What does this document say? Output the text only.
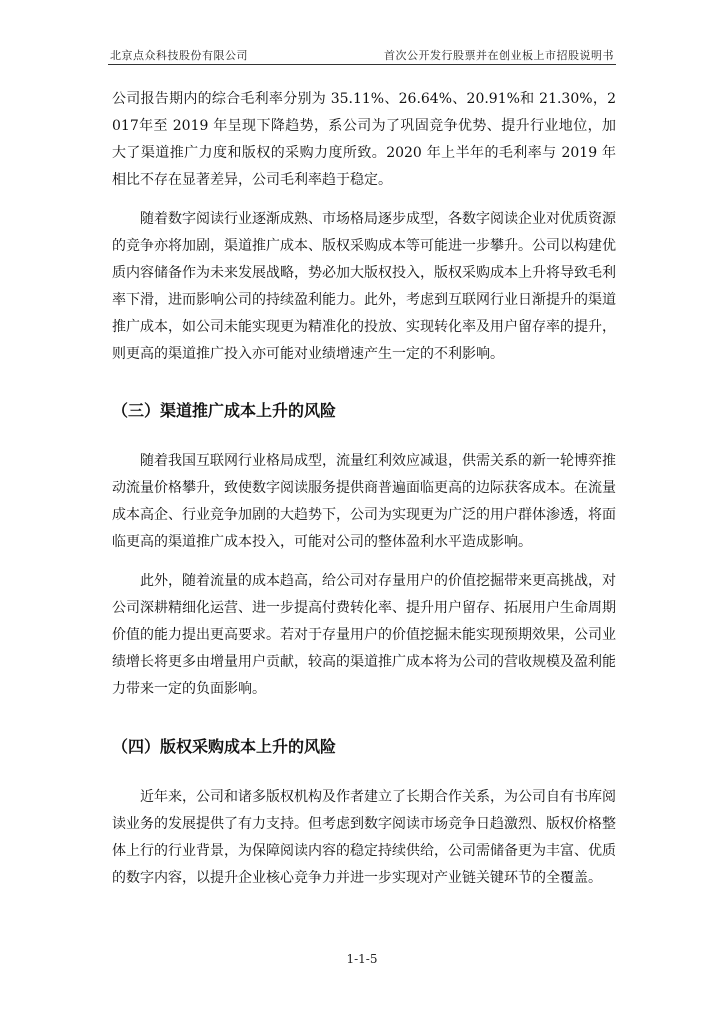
北京点众科技股份有限公司	首次公开发行股票并在创业板上市招股说明书

公司报告期内的综合毛利率分别为 35.11%、26.64%、20.91%和 21.30%，2017年至 2019 年呈现下降趋势，系公司为了巩固竞争优势、提升行业地位，加大了渠道推广力度和版权的采购力度所致。2020 年上半年的毛利率与 2019 年相比不存在显著差异，公司毛利率趋于稳定。

随着数字阅读行业逐渐成熟、市场格局逐步成型，各数字阅读企业对优质资源的竞争亦将加剧，渠道推广成本、版权采购成本等可能进一步攀升。公司以构建优质内容储备作为未来发展战略，势必加大版权投入，版权采购成本上升将导致毛利率下滑，进而影响公司的持续盈利能力。此外，考虑到互联网行业日渐提升的渠道推广成本，如公司未能实现更为精准化的投放、实现转化率及用户留存率的提升，则更高的渠道推广投入亦可能对业绩增速产生一定的不利影响。

（三）渠道推广成本上升的风险

随着我国互联网行业格局成型，流量红利效应减退，供需关系的新一轮博弈推动流量价格攀升，致使数字阅读服务提供商普遍面临更高的边际获客成本。在流量成本高企、行业竞争加剧的大趋势下，公司为实现更为广泛的用户群体渗透，将面临更高的渠道推广成本投入，可能对公司的整体盈利水平造成影响。

此外，随着流量的成本趋高，给公司对存量用户的价值挖掘带来更高挑战，对公司深耕精细化运营、进一步提高付费转化率、提升用户留存、拓展用户生命周期价值的能力提出更高要求。若对于存量用户的价值挖掘未能实现预期效果，公司业绩增长将更多由增量用户贡献，较高的渠道推广成本将为公司的营收规模及盈利能力带来一定的负面影响。

（四）版权采购成本上升的风险

近年来，公司和诸多版权机构及作者建立了长期合作关系，为公司自有书库阅读业务的发展提供了有力支持。但考虑到数字阅读市场竞争日趋激烈、版权价格整体上行的行业背景，为保障阅读内容的稳定持续供给，公司需储备更为丰富、优质的数字内容，以提升企业核心竞争力并进一步实现对产业链关键环节的全覆盖。

1-1-5
